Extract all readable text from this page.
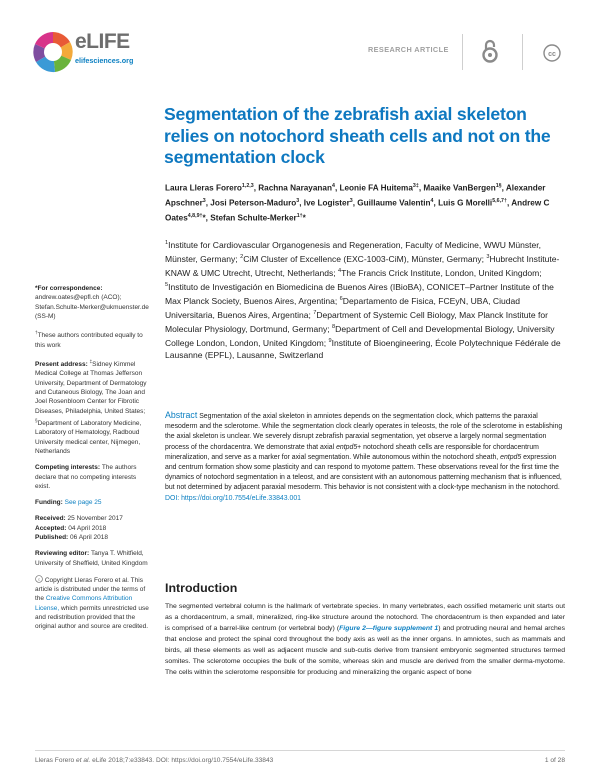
eLIFE
elifesciences.org
RESEARCH ARTICLE
cc
Segmentation of the zebrafish axial skeleton relies on notochord sheath cells and not on the segmentation clock
Laura Lleras Forero$^{1,2,3}$, Rachna Narayanan$^4$, Leonie FA Huitema$^{3\ddagger}$, Maaike VanBergen$^{1\S}$, Alexander Apschner$^3$, Josi Peterson-Maduro$^3$, Ive Logister$^3$, Guillaume Valentin$^4$, Luis G Morelli$^{5,6,7\dagger}$, Andrew C Oates$^{4,8,9\dagger}$*, Stefan Schulte-Merker$^{1\dagger}$*
$^1$Institute for Cardiovascular Organogenesis and Regeneration, Faculty of Medicine, WWU Münster, Münster, Germany; $^2$CiM Cluster of Excellence (EXC-1003-CiM), Münster, Germany; $^3$Hubrecht Institute-KNAW & UMC Utrecht, Utrecht, Netherlands; $^4$The Francis Crick Institute, London, United Kingdom; $^5$Instituto de Investigación en Biomedicina de Buenos Aires (IBioBA), CONICET–Partner Institute of the Max Planck Society, Buenos Aires, Argentina; $^6$Departamento de Fisica, FCEyN, UBA, Ciudad Universitaria, Buenos Aires, Argentina; $^7$Department of Systemic Cell Biology, Max Planck Institute for Molecular Physiology, Dortmund, Germany; $^8$Department of Cell and Developmental Biology, University College London, London, United Kingdom; $^9$Institute of Bioengineering, École Polytechnique Fédérale de Lausanne (EPFL), Lausanne, Switzerland
*For correspondence:
andrew.oates@epfl.ch (ACO); Stefan.Schulte-Merker@ukmuenster.de (SS-M)
†These authors contributed equally to this work
Present address: ‡Sidney Kimmel Medical College at Thomas Jefferson University, Department of Dermatology and Cutaneous Biology, The Joan and Joel Rosenbloom Center for Fibrotic Diseases, Philadelphia, United States; §Department of Laboratory Medicine, Laboratory of Hematology, Radboud University medical center, Nijmegen, Netherlands
Competing interests: The authors declare that no competing interests exist.
Funding: See page 25
Received: 25 November 2017
Accepted: 04 April 2018
Published: 06 April 2018
Reviewing editor: Tanya T. Whitfield, University of Sheffield, United Kingdom
c Copyright Lleras Forero et al. This article is distributed under the terms of the Creative Commons Attribution License, which permits unrestricted use and redistribution provided that the original author and source are credited.
Abstract Segmentation of the axial skeleton in amniotes depends on the segmentation clock, which patterns the paraxial mesoderm and the sclerotome. While the segmentation clock clearly operates in teleosts, the role of the sclerotome in establishing the axial skeleton is unclear. We severely disrupt zebrafish paraxial segmentation, yet observe a largely normal segmentation process of the chordacentra. We demonstrate that axial entpd5+ notochord sheath cells are responsible for chordacentrum mineralization, and serve as a marker for axial segmentation. While autonomous within the notochord sheath, entpd5 expression and centrum formation show some plasticity and can respond to myotome pattern. These observations reveal for the first time the dynamics of notochord segmentation in a teleost, and are consistent with an autonomous patterning mechanism that is influenced, but not determined by adjacent paraxial mesoderm. This behavior is not consistent with a clock-type mechanism in the notochord.
DOI: https://doi.org/10.7554/eLife.33843.001
Introduction

The segmented vertebral column is the hallmark of vertebrate species. In many vertebrates, each ossified metameric unit starts out as a chordacentrum, a small, mineralized, ring-like structure around the notochord. The chordacentrum is then expanded and later is comprised of a barrel-like centrum (or vertebral body) (Figure 2—figure supplement 1) and protruding neural and hemal arches that enclose and protect the spinal cord throughout the body axis as well as the inner organs. In amniotes, such as mammals and birds, all these elements as well as adjacent muscle and sub-cutis derive from transient embryonic segmented structures termed somites. The sclerotome occupies the bulk of the somite, whereas skin and muscle are derived from the smaller derma-myotome. The cells within the sclerotome responsible for producing and mineralizing the organic aspect of bone

Lleras Forero et al. eLife 2018;7:e33843. DOI: https://doi.org/10.7554/eLife.33843	1 of 28
